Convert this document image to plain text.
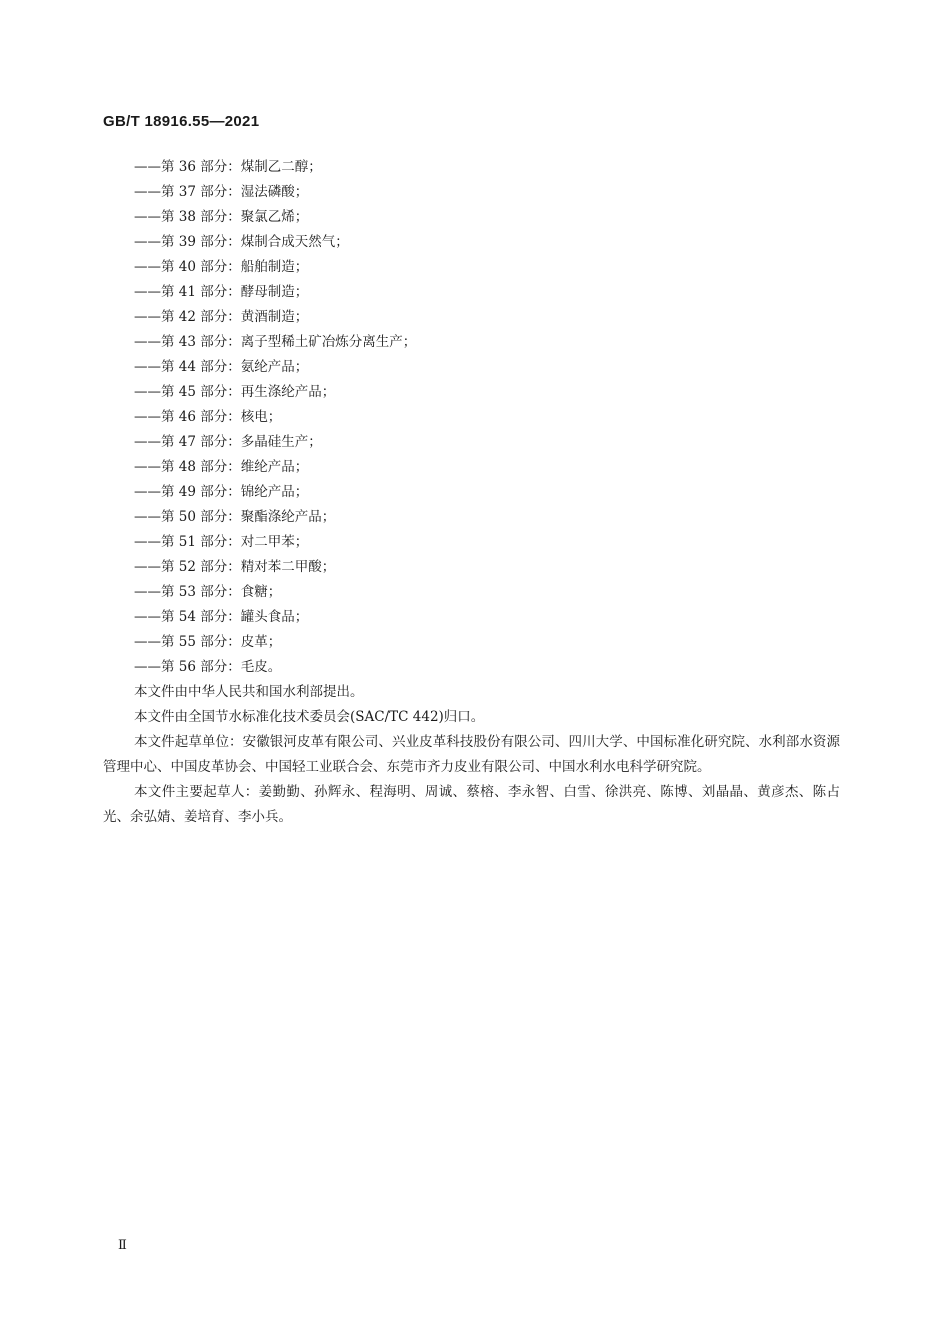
GB/T 18916.55—2021
——第 36 部分：煤制乙二醇；
——第 37 部分：湿法磷酸；
——第 38 部分：聚氯乙烯；
——第 39 部分：煤制合成天然气；
——第 40 部分：船舶制造；
——第 41 部分：酵母制造；
——第 42 部分：黄酒制造；
——第 43 部分：离子型稀土矿冶炼分离生产；
——第 44 部分：氨纶产品；
——第 45 部分：再生涤纶产品；
——第 46 部分：核电；
——第 47 部分：多晶硅生产；
——第 48 部分：维纶产品；
——第 49 部分：锦纶产品；
——第 50 部分：聚酯涤纶产品；
——第 51 部分：对二甲苯；
——第 52 部分：精对苯二甲酸；
——第 53 部分：食糖；
——第 54 部分：罐头食品；
——第 55 部分：皮革；
——第 56 部分：毛皮。

本文件由中华人民共和国水利部提出。

本文件由全国节水标准化技术委员会(SAC/TC 442)归口。

本文件起草单位：安徽银河皮革有限公司、兴业皮革科技股份有限公司、四川大学、中国标准化研究院、水利部水资源管理中心、中国皮革协会、中国轻工业联合会、东莞市齐力皮业有限公司、中国水利水电科学研究院。

本文件主要起草人：姜勤勤、孙辉永、程海明、周诚、蔡榕、李永智、白雪、徐洪亮、陈博、刘晶晶、黄彦杰、陈占光、余弘婧、姜培育、李小兵。

Ⅱ
